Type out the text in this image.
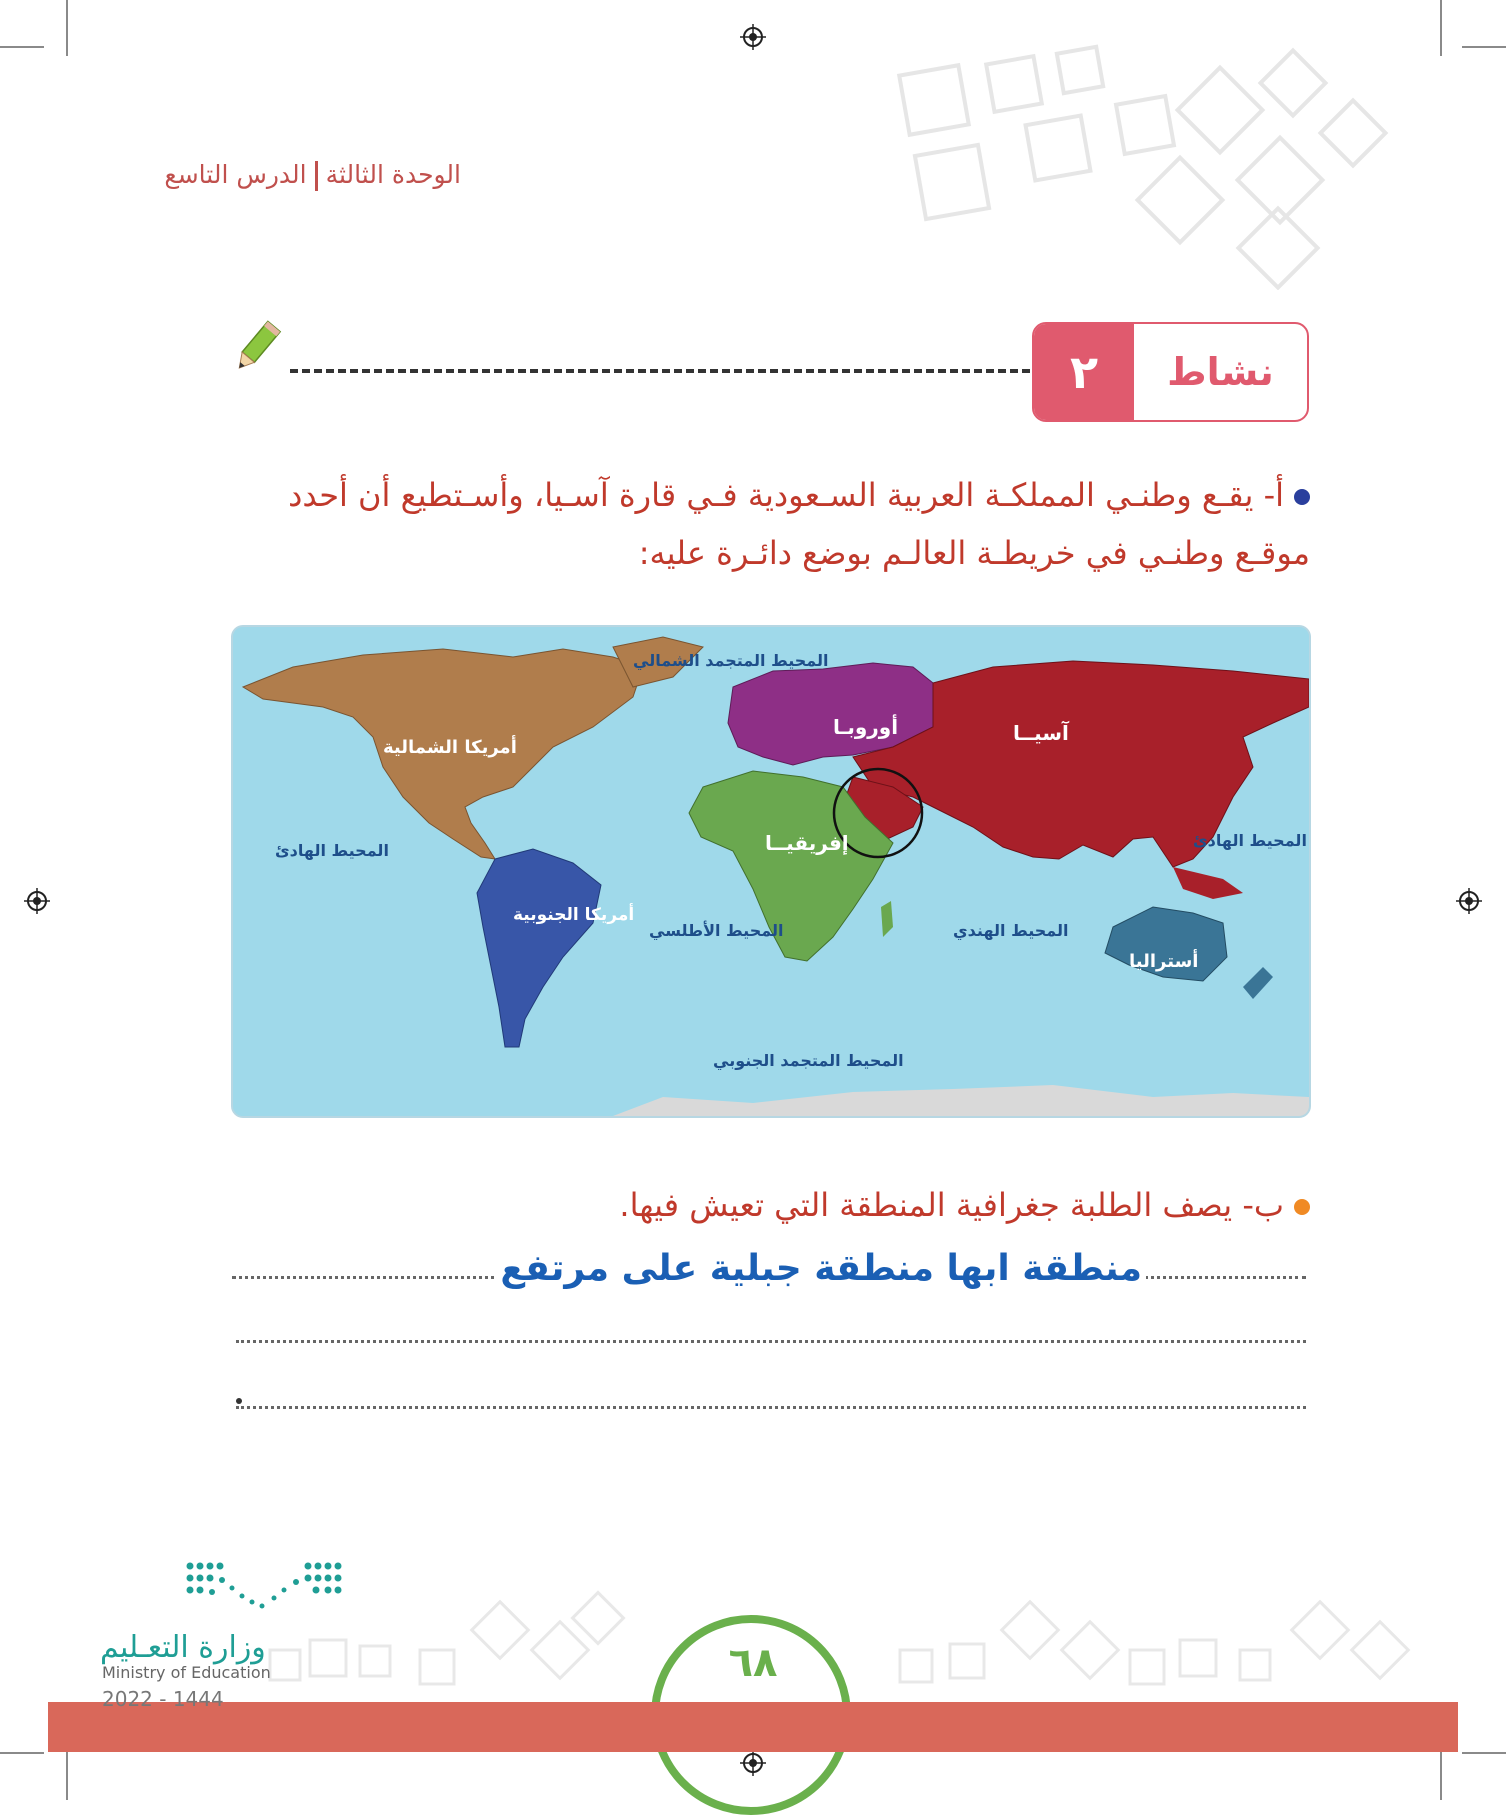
الوحدة الثالثةالدرس التاسع
٢	نشاط
أ- يقـع وطنـي المملكـة العربية السـعودية فـي قارة آسـيا، وأسـتطيع أن أحدد
موقـع وطنـي في خريطـة العالـم بوضع دائـرة عليه:
المحيط المتجمد الشمالي
أوروبـا	آسيــا
أمريكا الشمالية
إفريقيــا
المحيط الهادئ
المحيط الهادئ
أمريكا الجنوبية
المحيط الأطلسي	المحيط الهندي
أستراليا
المحيط المتجمد الجنوبي
ب- يصف الطلبة جغرافية المنطقة التي تعيش فيها.
منطقة ابها منطقة جبلية على مرتفع
٦٨
وزارة التعـليم
Ministry of Education
2022 - 1444
